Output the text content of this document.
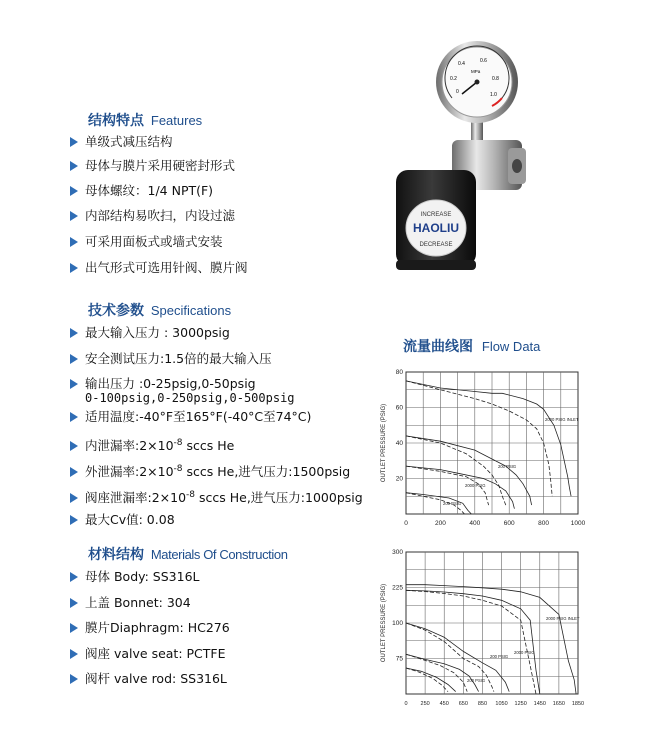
结构特点 Features
单级式减压结构
母体与膜片采用硬密封形式
母体螺纹：1/4 NPT(F)
内部结构易吹扫，内设过滤
可采用面板式或墙式安装
出气形式可选用针阀、膜片阀
技术参数 Specifications
最大输入压力 : 3000psig
安全测试压力:1.5倍的最大输入压
输出压力 :0-25psig,0-50psig
0-100psig,0-250psig,0-500psig
适用温度:-40°F至165°F(-40°C至74°C)
内泄漏率$:2\times 10^{-8}$ sccs He
外泄漏率$:2\times 10^{-8}$ sccs He,进气压力:1500psig
阀座泄漏率$:2\times 10^{-8}$ sccs He,进气压力:1000psig
最大Cv值: 0.08
材料结构 Materials Of Construction
母体 Body: SS316L
上盖 Bonnet: 304
膜片Diaphragm: HC276
阀座 valve seat: PCTFE
阀杆 valve rod: SS316L
0
0.2
0.4	0.6
0.8
1.0
MPa
INCREASE
HAOLIU
DECREASE
流量曲线图 Flow Data
0	200	400	600	800	1000
80
60
40
20
OUTLET PRESSURE (PSIG)	2000 PSIG INLET
200 PSIG
2000 PSIG
200 PSIG
0 250 450 650 850 1050 1250 1450 1650 1850
300
225
100
75
OUTLET PRESSURE (PSIG)	2000 PSIG INLET
2000 PSIG
200 PSIG
200 PSIG
